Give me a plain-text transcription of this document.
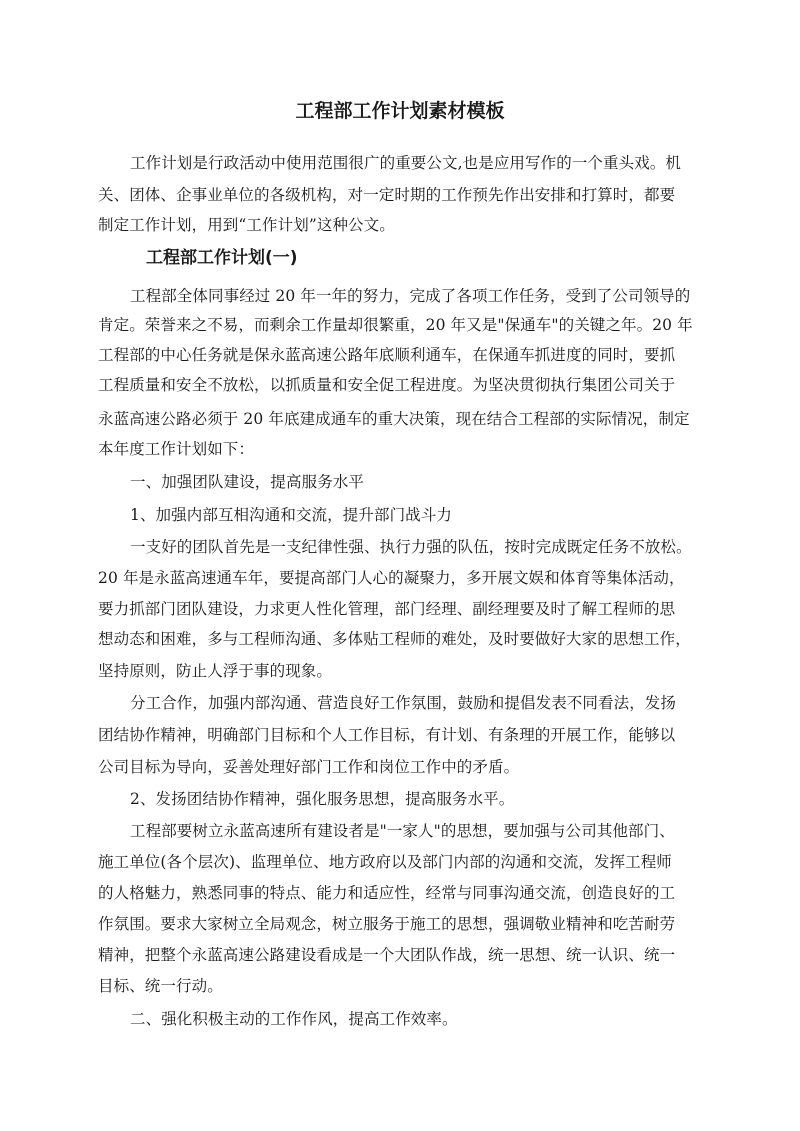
工程部工作计划素材模板

工作计划是行政活动中使用范围很广的重要公文,也是应用写作的一个重头戏。机

关、团体、企事业单位的各级机构，对一定时期的工作预先作出安排和打算时，都要

制定工作计划，用到“工作计划”这种公文。

工程部工作计划(一)

工程部全体同事经过 20 年一年的努力，完成了各项工作任务，受到了公司领导的

肯定。荣誉来之不易，而剩余工作量却很繁重，20 年又是"保通车"的关键之年。20 年

工程部的中心任务就是保永蓝高速公路年底顺利通车，在保通车抓进度的同时，要抓

工程质量和安全不放松，以抓质量和安全促工程进度。为坚决贯彻执行集团公司关于

永蓝高速公路必须于 20 年底建成通车的重大决策，现在结合工程部的实际情况，制定

本年度工作计划如下：

一、加强团队建设，提高服务水平

1、加强内部互相沟通和交流，提升部门战斗力

一支好的团队首先是一支纪律性强、执行力强的队伍，按时完成既定任务不放松。

20 年是永蓝高速通车年，要提高部门人心的凝聚力，多开展文娱和体育等集体活动，

要力抓部门团队建设，力求更人性化管理，部门经理、副经理要及时了解工程师的思

想动态和困难，多与工程师沟通、多体贴工程师的难处，及时要做好大家的思想工作，

坚持原则，防止人浮于事的现象。

分工合作，加强内部沟通、营造良好工作氛围，鼓励和提倡发表不同看法，发扬

团结协作精神，明确部门目标和个人工作目标，有计划、有条理的开展工作，能够以

公司目标为导向，妥善处理好部门工作和岗位工作中的矛盾。

2、发扬团结协作精神，强化服务思想，提高服务水平。

工程部要树立永蓝高速所有建设者是"一家人"的思想，要加强与公司其他部门、

施工单位(各个层次)、监理单位、地方政府以及部门内部的沟通和交流，发挥工程师

的人格魅力，熟悉同事的特点、能力和适应性，经常与同事沟通交流，创造良好的工

作氛围。要求大家树立全局观念，树立服务于施工的思想，强调敬业精神和吃苦耐劳

精神，把整个永蓝高速公路建设看成是一个大团队作战，统一思想、统一认识、统一

目标、统一行动。

二、强化积极主动的工作作风，提高工作效率。
